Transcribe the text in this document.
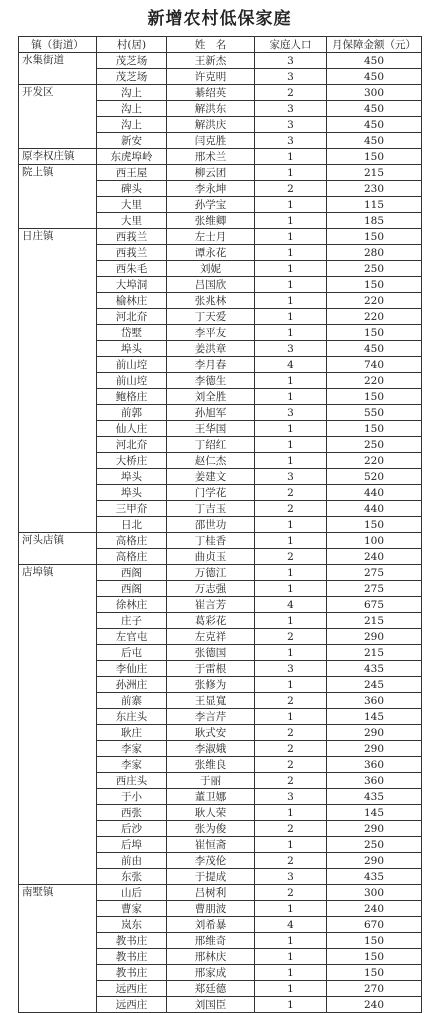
新增农村低保家庭
镇（街道）	村(居)	姓　名	家庭人口	月保障金额（元）
水集街道	茂芝场	王新杰	3	450
	茂芝场	许克明	3	450
开发区	沟上	綦绍英	2	300
	沟上	解洪东	3	450
	沟上	解洪庆	3	450
	新安	闫克胜	3	450
原李权庄镇	东虎埠岭	邢术兰	1	150
院上镇	西王屋	柳云团	1	215
	碑头	李永坤	2	230
	大里	孙学宝	1	115
	大里	张维卿	1	185
日庄镇	西莪兰	左士月	1	150
	西莪兰	谭永花	1	280
	西朱毛	刘妮	1	250
	大埠洞	吕国欣	1	150
	榆林庄	张兆林	1	220
	河北夼	丁天爱	1	220
	岱墅	李平友	1	150
	埠头	姜洪章	3	450
	前山埪	李月春	4	740
	前山埪	李德生	1	220
	鲍格庄	刘全胜	1	150
	前郭	孙旭军	3	550
	仙人庄	王华国	1	150
	河北夼	丁绍红	1	250
	大桥庄	赵仁杰	1	220
	埠头	姜建文	3	520
	埠头	门学花	2	440
	三甲夼	丁吉玉	2	440
	日北	邵世功	1	150
河头店镇	高格庄	丁桂香	1	100
	高格庄	曲贞玉	2	240
店埠镇	西阁	万德江	1	275
	西阁	万志强	1	275
	徐林庄	崔言芳	4	675
	庄子	葛彩花	1	215
	左官屯	左克祥	2	290
	后屯	张德国	1	215
	李仙庄	于雷根	3	435
	孙洲庄	张修为	1	245
	前寨	王显寬	2	360
	东庄头	李言芹	1	145
	耿庄	耿式安	2	290
	李家	李淑娥	2	290
	李家	张维良	2	360
	西庄头	于丽	2	360
	于小	董卫娜	3	435
	西张	耿人荣	1	145
	后沙	张为俊	2	290
	后埠	崔恒斋	1	250
	前由	李茂伦	2	290
	东张	于提成	3	435
南墅镇	山后	吕树利	2	300
	曹家	曹朋波	1	240
	岚东	刘希暴	4	670
	教书庄	邢维奇	1	150
	教书庄	邢林庆	1	150
	教书庄	邢家成	1	150
	远西庄	郑廷德	1	270
	远西庄	刘国臣	1	240
